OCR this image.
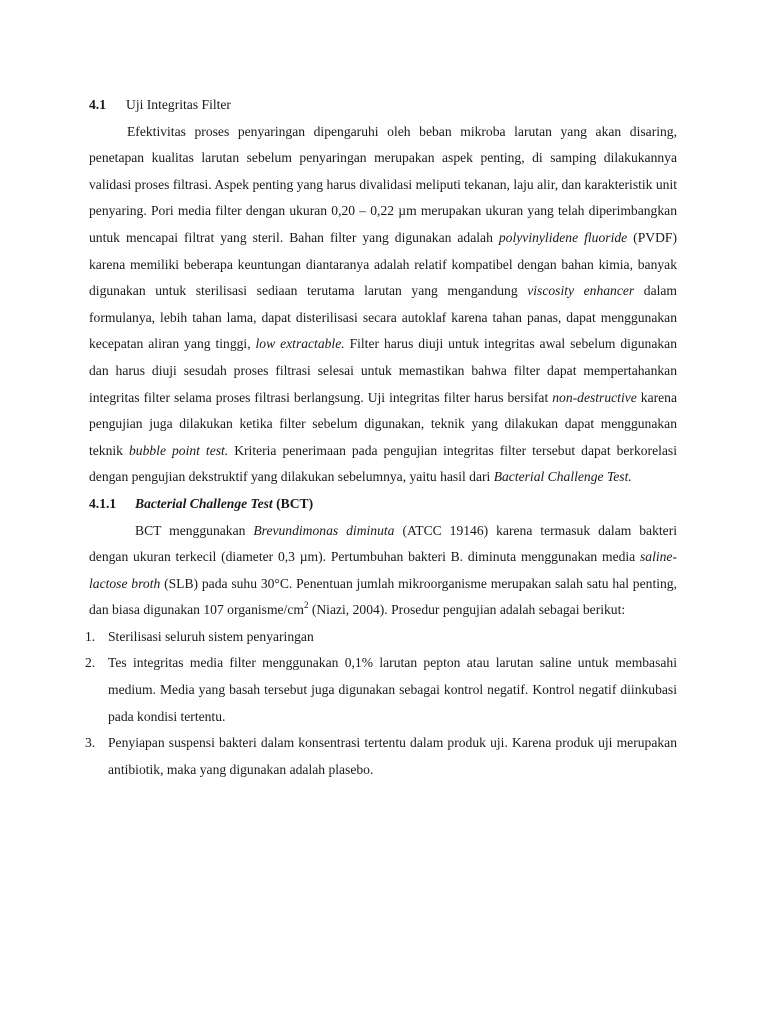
4.1	Uji Integritas Filter

Efektivitas proses penyaringan dipengaruhi oleh beban mikroba larutan yang akan disaring, penetapan kualitas larutan sebelum penyaringan merupakan aspek penting, di samping dilakukannya validasi proses filtrasi. Aspek penting yang harus divalidasi meliputi tekanan, laju alir, dan karakteristik unit penyaring. Pori media filter dengan ukuran 0,20 – 0,22 µm merupakan ukuran yang telah diperimbangkan untuk mencapai filtrat yang steril. Bahan filter yang digunakan adalah polyvinylidene fluoride (PVDF) karena memiliki beberapa keuntungan diantaranya adalah relatif kompatibel dengan bahan kimia, banyak digunakan untuk sterilisasi sediaan terutama larutan yang mengandung viscosity enhancer dalam formulanya, lebih tahan lama, dapat disterilisasi secara autoklaf karena tahan panas, dapat menggunakan kecepatan aliran yang tinggi, low extractable. Filter harus diuji untuk integritas awal sebelum digunakan dan harus diuji sesudah proses filtrasi selesai untuk memastikan bahwa filter dapat mempertahankan integritas filter selama proses filtrasi berlangsung. Uji integritas filter harus bersifat non-destructive karena pengujian juga dilakukan ketika filter sebelum digunakan, teknik yang dilakukan dapat menggunakan teknik bubble point test. Kriteria penerimaan pada pengujian integritas filter tersebut dapat berkorelasi dengan pengujian dekstruktif yang dilakukan sebelumnya, yaitu hasil dari Bacterial Challenge Test.

4.1.1	Bacterial Challenge Test (BCT)

BCT menggunakan Brevundimonas diminuta (ATCC 19146) karena termasuk dalam bakteri dengan ukuran terkecil (diameter 0,3 µm). Pertumbuhan bakteri B. diminuta menggunakan media saline-lactose broth (SLB) pada suhu 30°C. Penentuan jumlah mikroorganisme merupakan salah satu hal penting, dan biasa digunakan 107 organisme/$cm^2$ (Niazi, 2004). Prosedur pengujian adalah sebagai berikut:

1. Sterilisasi seluruh sistem penyaringan
2. Tes integritas media filter menggunakan 0,1% larutan pepton atau larutan saline untuk membasahi medium. Media yang basah tersebut juga digunakan sebagai kontrol negatif. Kontrol negatif diinkubasi pada kondisi tertentu.
3. Penyiapan suspensi bakteri dalam konsentrasi tertentu dalam produk uji. Karena produk uji merupakan antibiotik, maka yang digunakan adalah plasebo.
